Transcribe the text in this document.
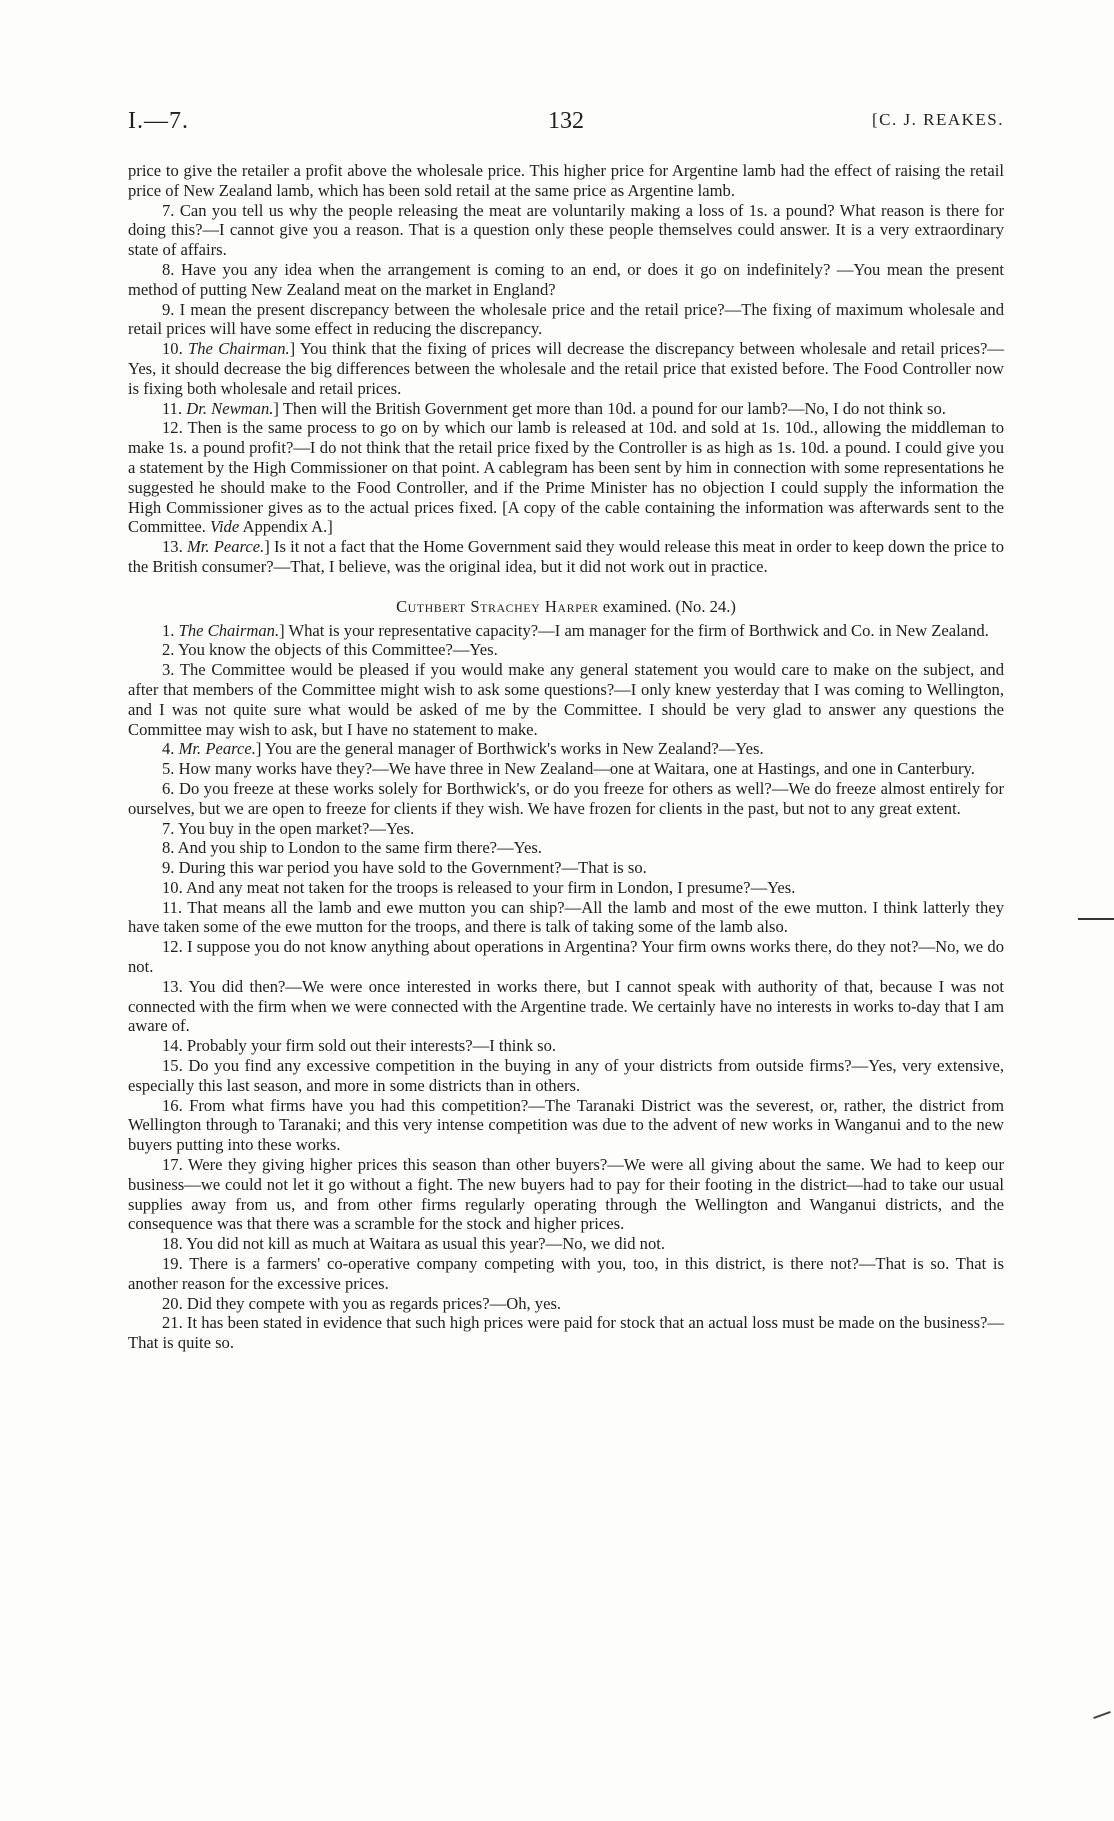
I.—7.	132	[C. J. REAKES.

price to give the retailer a profit above the wholesale price. This higher price for Argentine lamb had the effect of raising the retail price of New Zealand lamb, which has been sold retail at the same price as Argentine lamb.

7. Can you tell us why the people releasing the meat are voluntarily making a loss of 1s. a pound? What reason is there for doing this?—I cannot give you a reason. That is a question only these people themselves could answer. It is a very extraordinary state of affairs.

8. Have you any idea when the arrangement is coming to an end, or does it go on indefinitely? —You mean the present method of putting New Zealand meat on the market in England?

9. I mean the present discrepancy between the wholesale price and the retail price?—The fixing of maximum wholesale and retail prices will have some effect in reducing the discrepancy.

10. The Chairman.] You think that the fixing of prices will decrease the discrepancy between wholesale and retail prices?—Yes, it should decrease the big differences between the wholesale and the retail price that existed before. The Food Controller now is fixing both wholesale and retail prices.

11. Dr. Newman.] Then will the British Government get more than 10d. a pound for our lamb?—No, I do not think so.

12. Then is the same process to go on by which our lamb is released at 10d. and sold at 1s. 10d., allowing the middleman to make 1s. a pound profit?—I do not think that the retail price fixed by the Controller is as high as 1s. 10d. a pound. I could give you a statement by the High Commissioner on that point. A cablegram has been sent by him in connection with some representations he suggested he should make to the Food Controller, and if the Prime Minister has no objection I could supply the information the High Commissioner gives as to the actual prices fixed. [A copy of the cable containing the information was afterwards sent to the Committee. Vide Appendix A.]

13. Mr. Pearce.] Is it not a fact that the Home Government said they would release this meat in order to keep down the price to the British consumer?—That, I believe, was the original idea, but it did not work out in practice.

Cuthbert Strachey Harper examined. (No. 24.)

1. The Chairman.] What is your representative capacity?—I am manager for the firm of Borthwick and Co. in New Zealand.

2. You know the objects of this Committee?—Yes.

3. The Committee would be pleased if you would make any general statement you would care to make on the subject, and after that members of the Committee might wish to ask some questions?—I only knew yesterday that I was coming to Wellington, and I was not quite sure what would be asked of me by the Committee. I should be very glad to answer any questions the Committee may wish to ask, but I have no statement to make.

4. Mr. Pearce.] You are the general manager of Borthwick's works in New Zealand?—Yes.

5. How many works have they?—We have three in New Zealand—one at Waitara, one at Hastings, and one in Canterbury.

6. Do you freeze at these works solely for Borthwick's, or do you freeze for others as well?—We do freeze almost entirely for ourselves, but we are open to freeze for clients if they wish. We have frozen for clients in the past, but not to any great extent.

7. You buy in the open market?—Yes.

8. And you ship to London to the same firm there?—Yes.

9. During this war period you have sold to the Government?—That is so.

10. And any meat not taken for the troops is released to your firm in London, I presume?—Yes.

11. That means all the lamb and ewe mutton you can ship?—All the lamb and most of the ewe mutton. I think latterly they have taken some of the ewe mutton for the troops, and there is talk of taking some of the lamb also.

12. I suppose you do not know anything about operations in Argentina? Your firm owns works there, do they not?—No, we do not.

13. You did then?—We were once interested in works there, but I cannot speak with authority of that, because I was not connected with the firm when we were connected with the Argentine trade. We certainly have no interests in works to-day that I am aware of.

14. Probably your firm sold out their interests?—I think so.

15. Do you find any excessive competition in the buying in any of your districts from outside firms?—Yes, very extensive, especially this last season, and more in some districts than in others.

16. From what firms have you had this competition?—The Taranaki District was the severest, or, rather, the district from Wellington through to Taranaki; and this very intense competition was due to the advent of new works in Wanganui and to the new buyers putting into these works.

17. Were they giving higher prices this season than other buyers?—We were all giving about the same. We had to keep our business—we could not let it go without a fight. The new buyers had to pay for their footing in the district—had to take our usual supplies away from us, and from other firms regularly operating through the Wellington and Wanganui districts, and the consequence was that there was a scramble for the stock and higher prices.

18. You did not kill as much at Waitara as usual this year?—No, we did not.

19. There is a farmers' co-operative company competing with you, too, in this district, is there not?—That is so. That is another reason for the excessive prices.

20. Did they compete with you as regards prices?—Oh, yes.

21. It has been stated in evidence that such high prices were paid for stock that an actual loss must be made on the business?—That is quite so.
